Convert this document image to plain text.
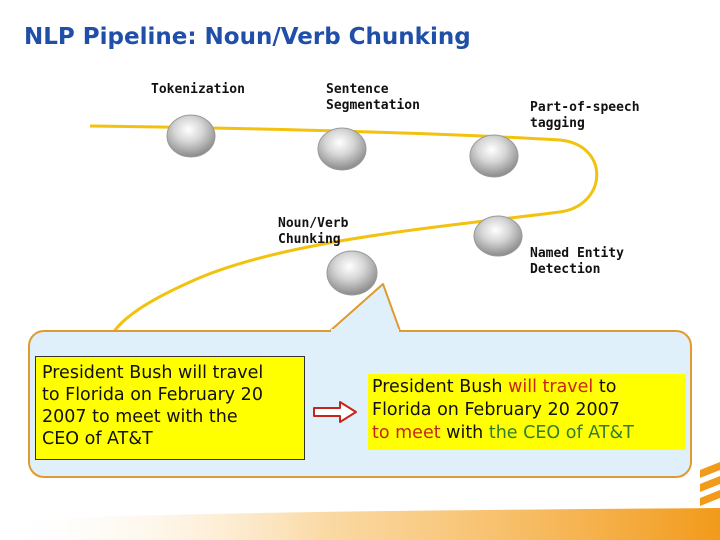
NLP Pipeline: Noun/Verb Chunking
Tokenization	Sentence
Segmentation	Part-of-speech
tagging
Named Entity
Detection
Noun/Verb
Chunking
President Bush will travel
to Florida on February 20
2007 to meet with the
CEO of AT&T
President Bush will travel to
Florida on February 20 2007
to meet with the CEO of AT&T
